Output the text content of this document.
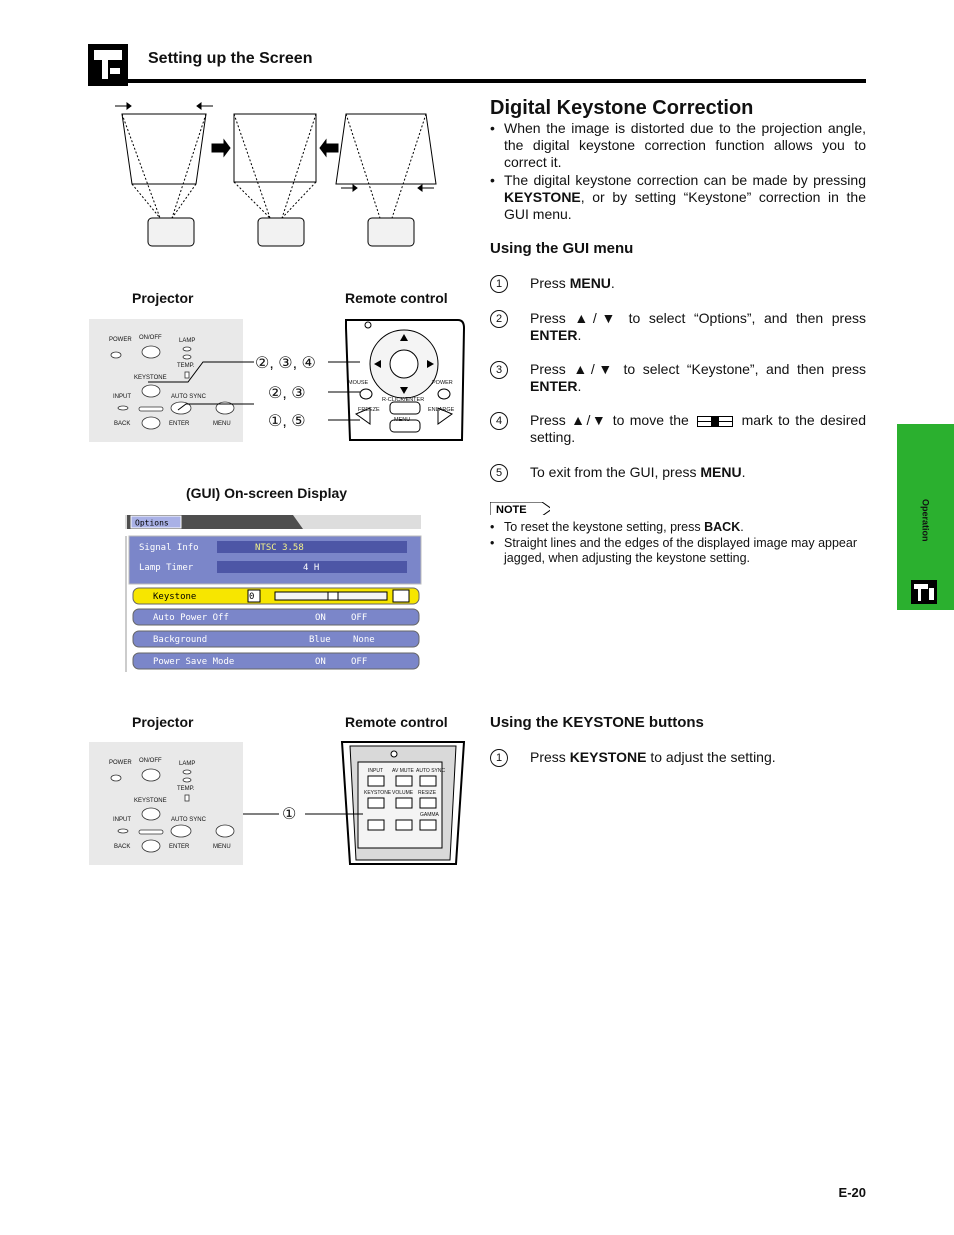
Setting up the Screen
Digital Keystone Correction
• When the image is distorted due to the projection angle, the digital keystone correction function allows you to correct it.
• The digital keystone correction can be made by pressing KEYSTONE, or by setting “Keystone” correction in the GUI menu.
Using the GUI menu
1	Press MENU.
2	Press ▲/▼ to select “Options”, and then press ENTER.
3	Press ▲/▼ to select “Keystone”, and then press ENTER.
4	Press ▲/▼ to move the	mark to the desired setting.
5	To exit from the GUI, press MENU.
NOTE
• To reset the keystone setting, press BACK.
• Straight lines and the edges of the displayed image may appear jagged, when adjusting the keystone setting.
Using the KEYSTONE buttons
1	Press KEYSTONE to adjust the setting.
Projector	Remote control
POWER ON/OFF	LAMP
TEMP.
KEYSTONE
INPUT	AUTO SYNC
BACK	ENTER	MENU
MOUSE	POWER
R-CLICK/ENTER
FREEZE	ENLARGE
MENU
②, ③, ④
②, ③
①, ⑤
(GUI) On-screen Display
Options
Signal Info	NTSC 3.58
Lamp Timer	4 H
Keystone	0
Auto Power Off	ON	OFF
Background	Blue None
Power Save Mode	ON	OFF
Projector	Remote control
POWER ON/OFF	LAMP
TEMP.
KEYSTONE
INPUT	AUTO SYNC
BACK	ENTER	MENU
INPUT AV MUTE AUTO SYNC
KEYSTONE VOLUME RESIZE
GAMMA
①
Operation
E-20
